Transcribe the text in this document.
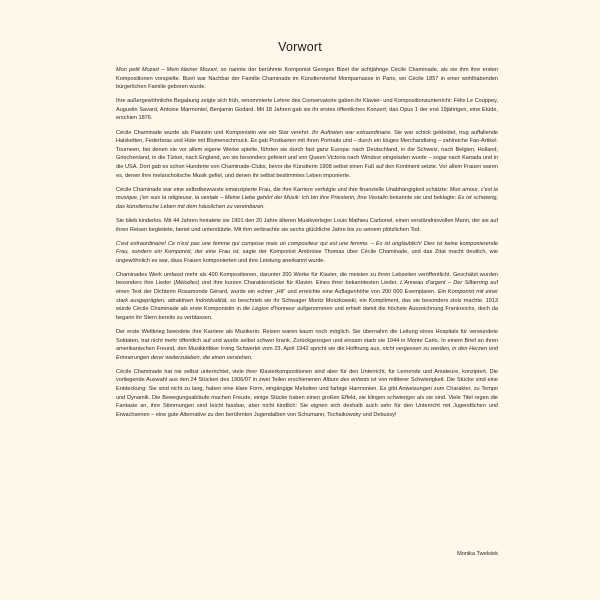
Vorwort

Mon petit Mozart – Mein kleiner Mozart, so nannte der berühmte Komponist Georges Bizet die achtjährige Cécile Chaminade, als sie ihm ihre ersten Kompositionen vorspielte. Bizet war Nachbar der Familie Chaminade im Künstlerviertel Montparnasse in Paris, wo Cécile 1857 in einer wohlhabenden bürgerlichen Familie geboren wurde.

Ihre außergewöhnliche Begabung zeigte sich früh, renommierte Lehrer des Conservatoire gaben ihr Klavier- und Kompositionsunterricht: Félix Le Couppey, Augustin Savard, Antoine Marmontel, Benjamin Godard. Mit 18 Jahren gab sie ihr erstes öffentliches Konzert; das Opus 1 der erst 19jährigen, eine Etüde, erschien 1876.

Cécile Chaminade wurde als Pianistin und Komponistin wie ein Star verehrt. Ihr Auftreten war extraordinaire. Sie war schick gekleidet, trug auffallende Halsketten, Federboas und Hüte mit Blumenschmuck. Es gab Postkarten mit ihren Portraits und – durch ein kluges Merchandising – zahlreiche Fan-Artikel. Tourneen, bei denen sie vor allem eigene Werke spielte, führten sie durch fast ganz Europa: nach Deutschland, in die Schweiz, nach Belgien, Holland, Griechenland, in die Türkei, nach England, wo sie besonders gefeiert und von Queen Victoria nach Windsor eingeladen wurde – sogar nach Kanada und in die USA. Dort gab es schon Hunderte von Chaminade-Clubs, bevor die Künstlerin 1908 selbst einen Fuß auf den Kontinent setzte. Vor allem Frauen waren es, denen ihre melancholische Musik gefiel, und denen ihr selbst bestimmtes Leben imponierte.

Cécile Chaminade war eine selbstbewusste emanzipierte Frau, die ihre Karriere verfolgte und ihre finanzielle Unabhängigkeit schätzte: Mon amour, c'est la musique, j'en suis la religieuse, la vestale – Meine Liebe gehört der Musik: Ich bin ihre Priesterin, ihre Vestalin bekannte sie und beklagte: Es ist schwierig, das künstlerische Leben mit dem häuslichen zu vereinbaren.

Sie blieb kinderlos. Mit 44 Jahren heiratete sie 1901 den 20 Jahre älteren Musikverleger Louis Mathieu Carbonel, einen verständnisvollen Mann, der sie auf ihren Reisen begleitete, beriet und unterstützte. Mit ihm verbrachte sie sechs glückliche Jahre bis zu seinem plötzlichen Tod.

C'est extraordinaire! Ce n'est pas une femme qui compose mais un compositeur qui est une femme. – Es ist unglaublich! Dies ist keine komponierende Frau, sondern ein Komponist, der eine Frau ist, sagte der Komponist Ambroise Thomas über Cécile Chaminade, und das Zitat macht deutlich, wie ungewöhnlich es war, dass Frauen komponierten und ihre Leistung anerkannt wurde.

Chaminades Werk umfasst mehr als 400 Kompositionen, darunter 200 Werke für Klavier, die meisten zu ihren Lebzeiten veröffentlicht. Geschätzt wurden besonders ihre Lieder (Mélodies) und ihre kurzen Charakterstücke für Klavier. Eines ihrer bekanntesten Lieder, L'Anneau d'argent – Der Silberring auf einen Text der Dichterin Rosamonde Gérard, wurde ein echter „Hit" und erreichte eine Auflagenhöhe von 200 000 Exemplaren. Ein Komponist mit einer stark ausgeprägten, attraktiven Individualität, so beschrieb sie ihr Schwager Moritz Moszkowski, ein Kompliment, das sie besonders stolz machte. 1913 wurde Cécile Chaminade als erste Komponistin in die Légion d'honneur aufgenommen und erhielt damit die höchste Auszeichnung Frankreichs, doch da begann ihr Stern bereits zu verblassen.

Der erste Weltkrieg beendete ihre Karriere als Musikerin. Reisen waren kaum noch möglich. Sie übernahm die Leitung eines Hospitals für verwundete Soldaten, trat nicht mehr öffentlich auf und wurde selbst schwer krank. Zurückgezogen und einsam starb sie 1944 in Monte Carlo. In einem Brief an ihren amerikanischen Freund, den Musikkritiker Irving Schwerké vom 23. April 1942 spricht sie die Hoffnung aus, nicht vergessen zu werden, in den Herzen und Erinnerungen derer weiterzuleben, die einen verstehen.

Cécile Chaminade hat nie selbst unterrichtet, viele ihrer Klavierkompositionen sind aber für den Unterricht, für Lernende und Amateure, konzipiert. Die vorliegende Auswahl aus den 24 Stücken des 1906/07 in zwei Teilen erschienenen Album des enfants ist von mittlerer Schwierigkeit. Die Stücke sind eine Entdeckung: Sie sind nicht zu lang, haben eine klare Form, eingängige Melodien und farbige Harmonien. Es gibt Anweisungen zum Charakter, zu Tempo und Dynamik. Die Bewegungsabläufe machen Freude, einige Stücke haben einen großen Effekt, sie klingen schwieriger als sie sind. Viele Titel regen die Fantasie an, ihre Stimmungen sind leicht fassbar, aber nicht kindlich: Sie eignen sich deshalb auch sehr für den Unterricht mit Jugendlichen und Erwachsenen – eine gute Alternative zu den berühmten Jugendalben von Schumann, Tschaikowsky und Debussy!

Monika Twelsiek
